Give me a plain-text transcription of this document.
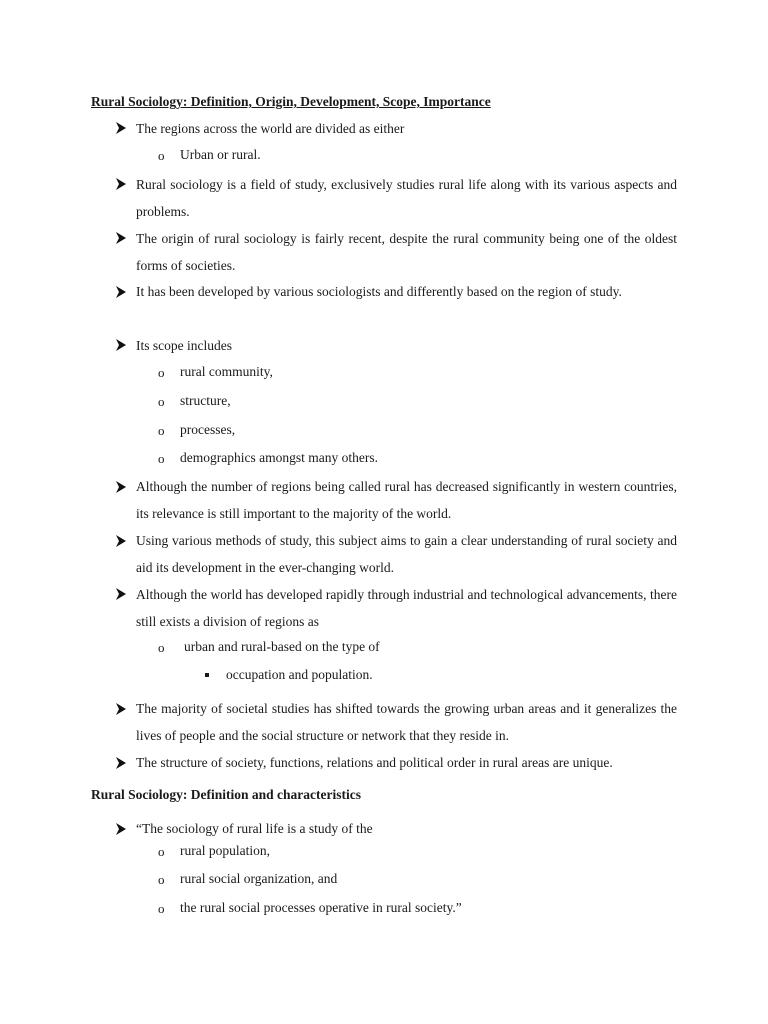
Rural Sociology: Definition, Origin, Development, Scope, Importance
The regions across the world are divided as either
o Urban or rural.
Rural sociology is a field of study, exclusively studies rural life along with its various aspects and problems.
The origin of rural sociology is fairly recent, despite the rural community being one of the oldest forms of societies.
It has been developed by various sociologists and differently based on the region of study.
Its scope includes
o rural community,
o structure,
o processes,
o demographics amongst many others.
Although the number of regions being called rural has decreased significantly in western countries, its relevance is still important to the majority of the world.
Using various methods of study, this subject aims to gain a clear understanding of rural society and aid its development in the ever-changing world.
Although the world has developed rapidly through industrial and technological advancements, there still exists a division of regions as
o urban and rural-based on the type of
occupation and population.
The majority of societal studies has shifted towards the growing urban areas and it generalizes the lives of people and the social structure or network that they reside in.
The structure of society, functions, relations and political order in rural areas are unique.
Rural Sociology: Definition and characteristics
“The sociology of rural life is a study of the
o rural population,
o rural social organization, and
o the rural social processes operative in rural society.”
